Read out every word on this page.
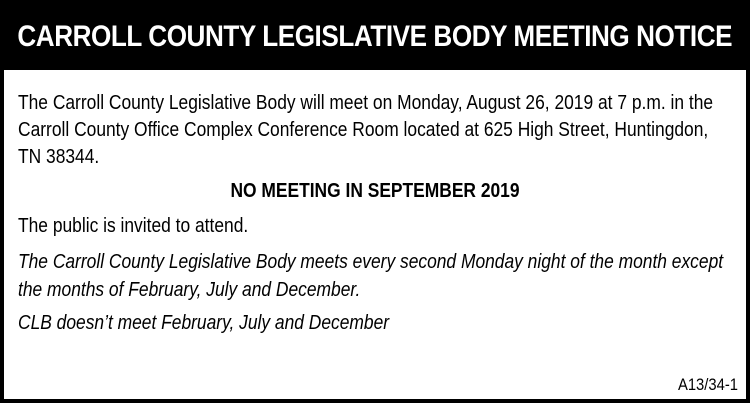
CARROLL COUNTY LEGISLATIVE BODY MEETING NOTICE

The Carroll County Legislative Body will meet on Monday, August 26, 2019 at 7 p.m. in the Carroll County Office Complex Conference Room located at 625 High Street, Huntingdon, TN 38344.

NO MEETING IN SEPTEMBER 2019

The public is invited to attend.

The Carroll County Legislative Body meets every second Monday night of the month except the months of February, July and December.

CLB doesn’t meet February, July and December

A13/34-1
